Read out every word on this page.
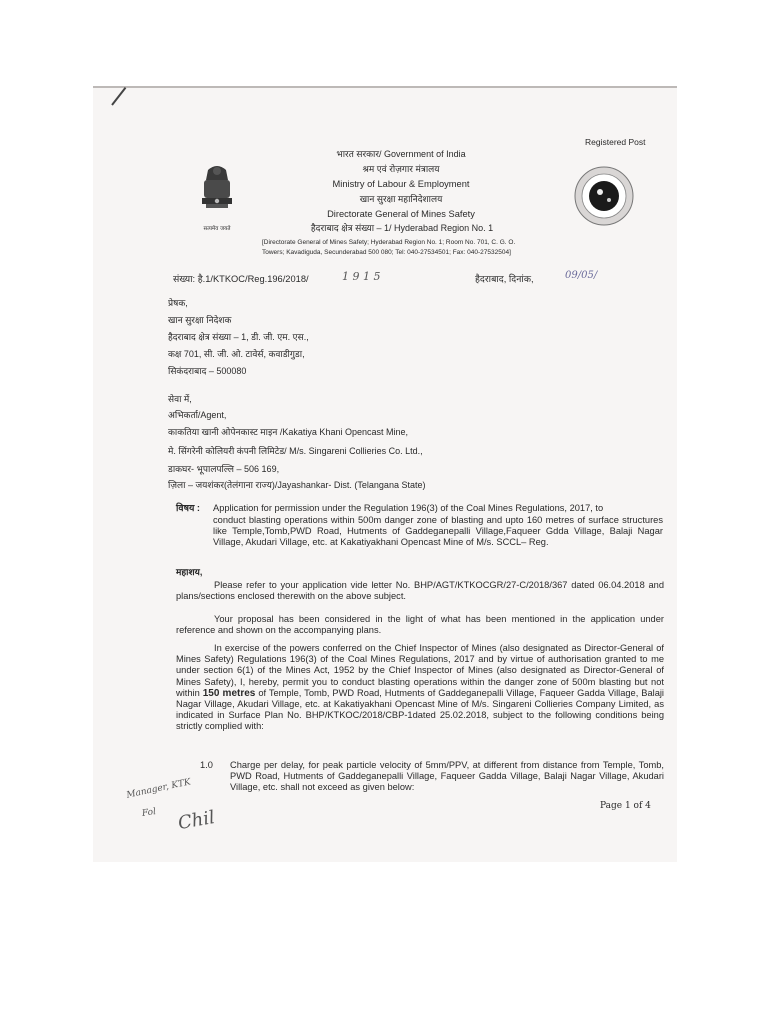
सत्यमेव जयते
Registered Post
भारत सरकार/ Government of India
श्रम एवं रोज़गार मंत्रालय
Ministry of Labour & Employment
खान सुरक्षा महानिदेशालय
Directorate General of Mines Safety
हैदराबाद क्षेत्र संख्या – 1/ Hyderabad Region No. 1
[Directorate General of Mines Safety; Hyderabad Region No. 1; Room No. 701, C. G. O.
Towers; Kavadiguda, Secunderabad 500 080; Tel: 040-27534501; Fax: 040-27532504]
संख्या: है.1/KTKOC/Reg.196/2018/	1 9 1 5	हैदराबाद, दिनांक,	09/05/
प्रेषक,
खान सुरक्षा निदेशक
हैदराबाद क्षेत्र संख्या – 1, डी. जी. एम. एस.,
कक्ष 701, सी. जी. ओ. टावेर्स, कवाडीगुडा,
सिकंदराबाद – 500080
सेवा में,
अभिकर्ता/Agent,
काकतिया खानी ओपेनकास्ट माइन /Kakatiya Khani Opencast Mine,
मे. सिंगरेनी कोलियरी कंपनी लिमिटेड/ M/s. Singareni Collieries Co. Ltd.,
डाकघर- भूपालपल्लि – 506 169,
ज़िला – जयशंकर(तेलंगाना राज्य)/Jayashankar- Dist. (Telangana State)
विषय : Application for permission under the Regulation 196(3) of the Coal Mines Regulations, 2017, to
conduct blasting operations within 500m danger zone of blasting and upto 160 metres of surface structures like Temple,Tomb,PWD Road, Hutments of Gaddeganepalli Village,Faqueer Gdda Village, Balaji Nagar Village, Akudari Village, etc. at Kakatiyakhani Opencast Mine of M/s. SCCL– Reg.
महाशय,
Please refer to your application vide letter No. BHP/AGT/KTKOCGR/27-C/2018/367 dated 06.04.2018 and plans/sections enclosed therewith on the above subject.
Your proposal has been considered in the light of what has been mentioned in the application under reference and shown on the accompanying plans.
In exercise of the powers conferred on the Chief Inspector of Mines (also designated as Director-General of Mines Safety) Regulations 196(3) of the Coal Mines Regulations, 2017 and by virtue of authorisation granted to me under section 6(1) of the Mines Act, 1952 by the Chief Inspector of Mines (also designated as Director-General of Mines Safety), I, hereby, permit you to conduct blasting operations within the danger zone of 500m blasting but not within 150 metres of Temple, Tomb, PWD Road, Hutments of Gaddeganepalli Village, Faqueer Gadda Village, Balaji Nagar Village, Akudari Village, etc. at Kakatiyakhani Opencast Mine of M/s. Singareni Collieries Company Limited, as indicated in Surface Plan No. BHP/KTKOC/2018/CBP-1dated 25.02.2018, subject to the following conditions being strictly complied with:
1.0 Charge per delay, for peak particle velocity of 5mm/PPV, at different from distance from Temple, Tomb, PWD Road, Hutments of Gaddeganepalli Village, Faqueer Gadda Village, Balaji Nagar Village, Akudari Village, etc. shall not exceed as given below:
Page 1 of 4
Manager, KTK
Fol Chil
